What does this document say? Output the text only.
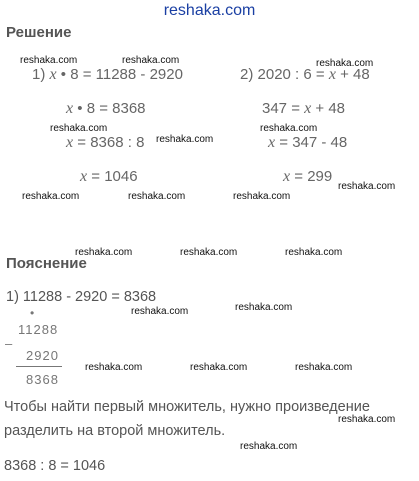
reshaka.com
Решение
1) x • 8 = 11288 - 2920
x • 8 = 8368
x = 8368 : 8
x = 1046
2) 2020 : 6 = x + 48
347 = x + 48
x = 347 - 48
x = 299
Пояснение
1) 11288 - 2920 = 8368
•
11288
–
2920
8368
Чтобы найти первый множитель, нужно произведение
разделить на второй множитель.
8368 : 8 = 1046
reshaka.com	reshaka.com	reshaka.com
reshaka.com	reshaka.com
reshaka.com
reshaka.com	reshaka.com	reshaka.com
reshaka.com
reshaka.com	reshaka.com	reshaka.com
reshaka.com	reshaka.com
reshaka.com	reshaka.com	reshaka.com
reshaka.com
reshaka.com
